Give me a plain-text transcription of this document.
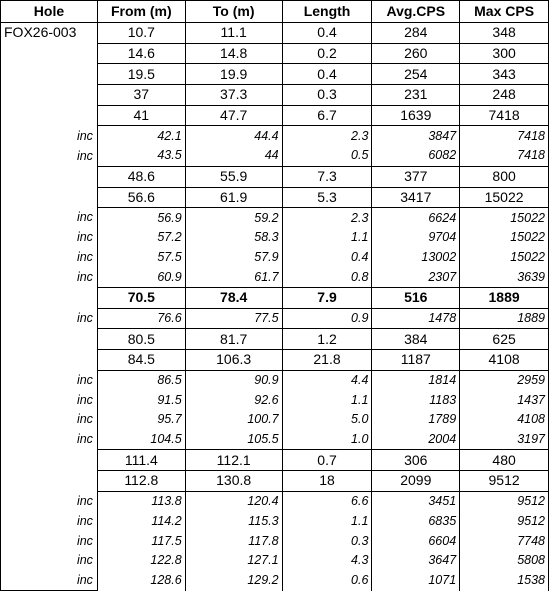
Hole	From (m)	To (m)	Length	Avg.CPS	Max CPS
FOX26-003	10.7	11.1	0.4	284	348
	14.6	14.8	0.2	260	300
	19.5	19.9	0.4	254	343
	37	37.3	0.3	231	248
	41	47.7	6.7	1639	7418
inc	42.1	44.4	2.3	3847	7418
inc	43.5	44	0.5	6082	7418
	48.6	55.9	7.3	377	800
	56.6	61.9	5.3	3417	15022
inc	56.9	59.2	2.3	6624	15022
inc	57.2	58.3	1.1	9704	15022
inc	57.5	57.9	0.4	13002	15022
inc	60.9	61.7	0.8	2307	3639
	70.5	78.4	7.9	516	1889
inc	76.6	77.5	0.9	1478	1889
	80.5	81.7	1.2	384	625
	84.5	106.3	21.8	1187	4108
inc	86.5	90.9	4.4	1814	2959
inc	91.5	92.6	1.1	1183	1437
inc	95.7	100.7	5.0	1789	4108
inc	104.5	105.5	1.0	2004	3197
	111.4	112.1	0.7	306	480
	112.8	130.8	18	2099	9512
inc	113.8	120.4	6.6	3451	9512
inc	114.2	115.3	1.1	6835	9512
inc	117.5	117.8	0.3	6604	7748
inc	122.8	127.1	4.3	3647	5808
inc	128.6	129.2	0.6	1071	1538
